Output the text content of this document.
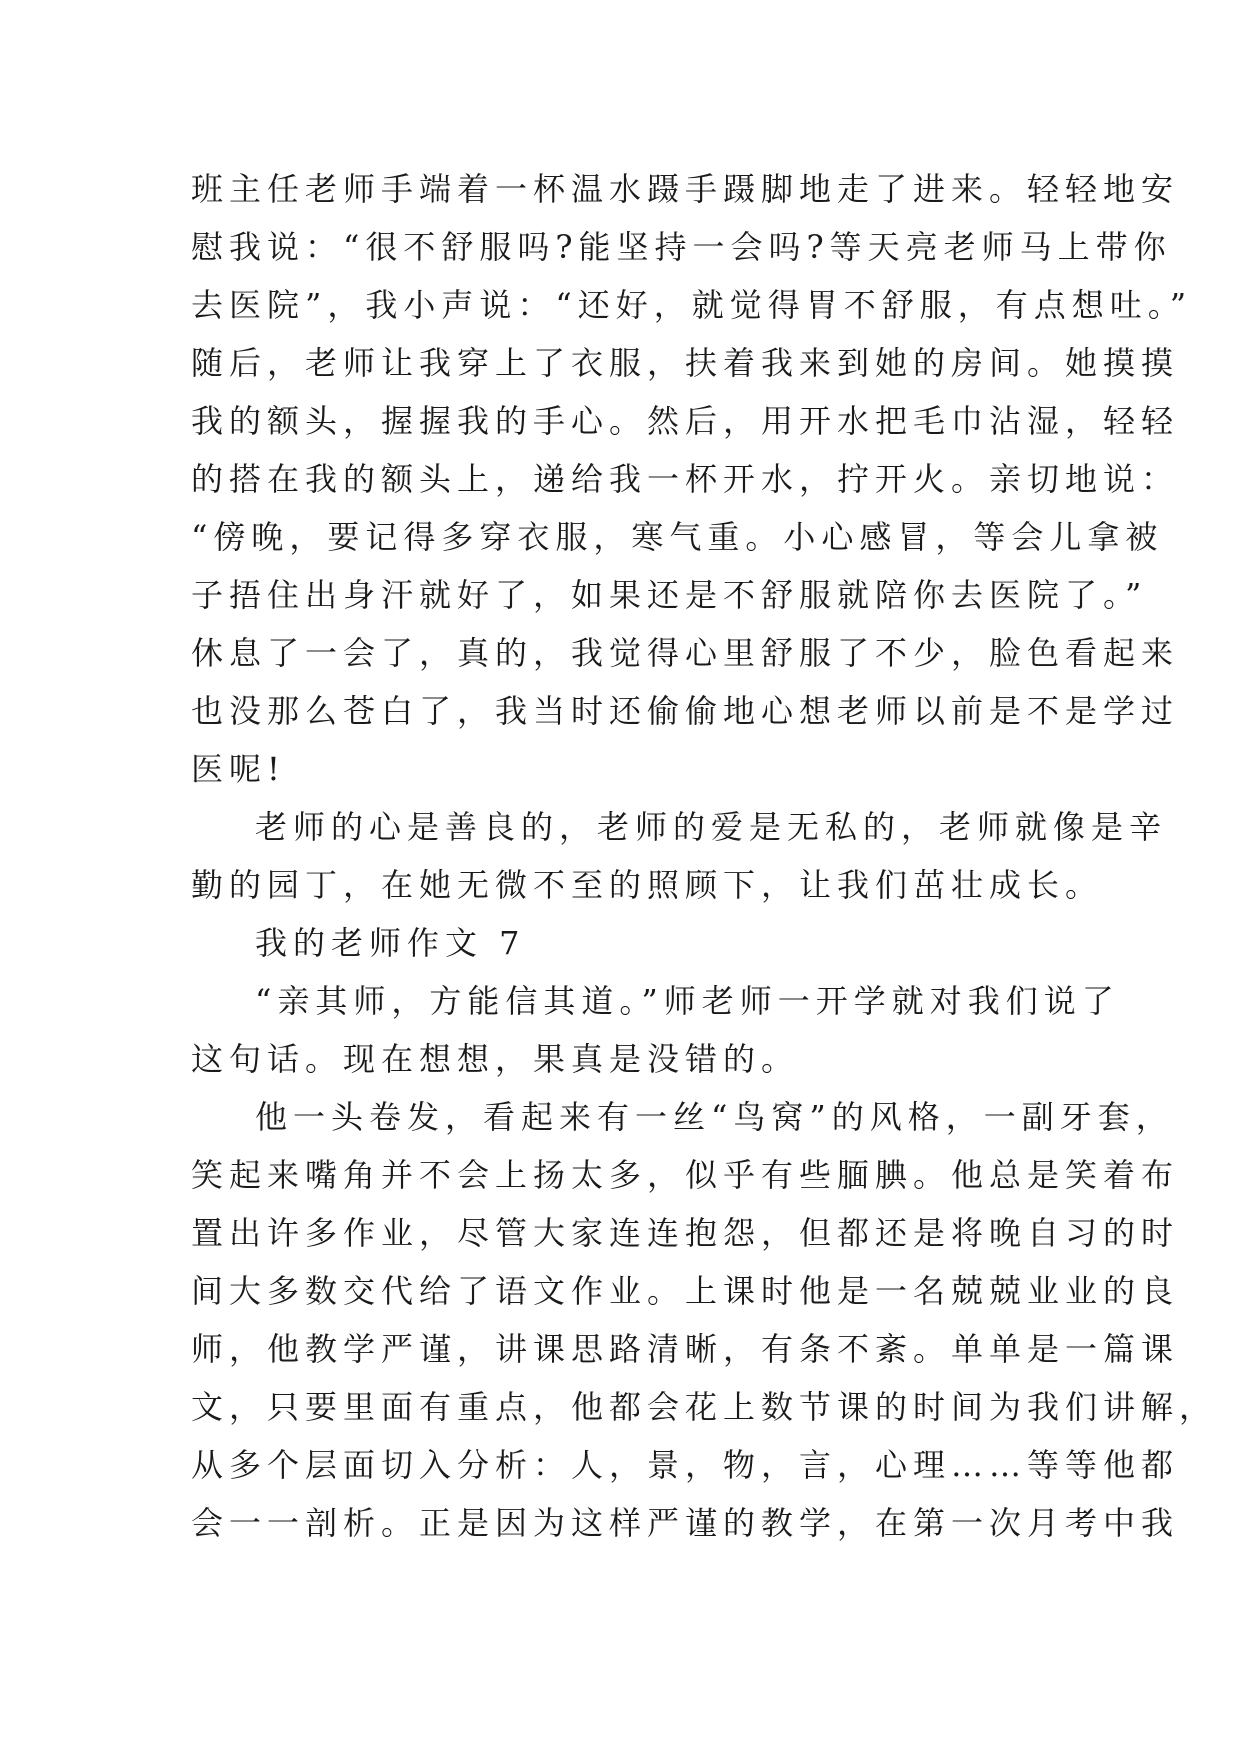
班主任老师手端着一杯温水蹑手蹑脚地走了进来。轻轻地安
慰我说：“很不舒服吗?能坚持一会吗?等天亮老师马上带你
去医院”，我小声说：“还好，就觉得胃不舒服，有点想吐。”
随后，老师让我穿上了衣服，扶着我来到她的房间。她摸摸
我的额头，握握我的手心。然后，用开水把毛巾沾湿，轻轻
的搭在我的额头上，递给我一杯开水，拧开火。亲切地说：
“傍晚，要记得多穿衣服，寒气重。小心感冒，等会儿拿被
子捂住出身汗就好了，如果还是不舒服就陪你去医院了。”
休息了一会了，真的，我觉得心里舒服了不少，脸色看起来
也没那么苍白了，我当时还偷偷地心想老师以前是不是学过
医呢!
老师的心是善良的，老师的爱是无私的，老师就像是辛
勤的园丁，在她无微不至的照顾下，让我们茁壮成长。
我的老师作文 7
“亲其师，方能信其道。”师老师一开学就对我们说了
这句话。现在想想，果真是没错的。
他一头卷发，看起来有一丝“鸟窝”的风格，一副牙套，
笑起来嘴角并不会上扬太多，似乎有些腼腆。他总是笑着布
置出许多作业，尽管大家连连抱怨，但都还是将晚自习的时
间大多数交代给了语文作业。上课时他是一名兢兢业业的良
师，他教学严谨，讲课思路清晰，有条不紊。单单是一篇课
文，只要里面有重点，他都会花上数节课的时间为我们讲解，
从多个层面切入分析：人，景，物，言，心理……等等他都
会一一剖析。正是因为这样严谨的教学，在第一次月考中我
